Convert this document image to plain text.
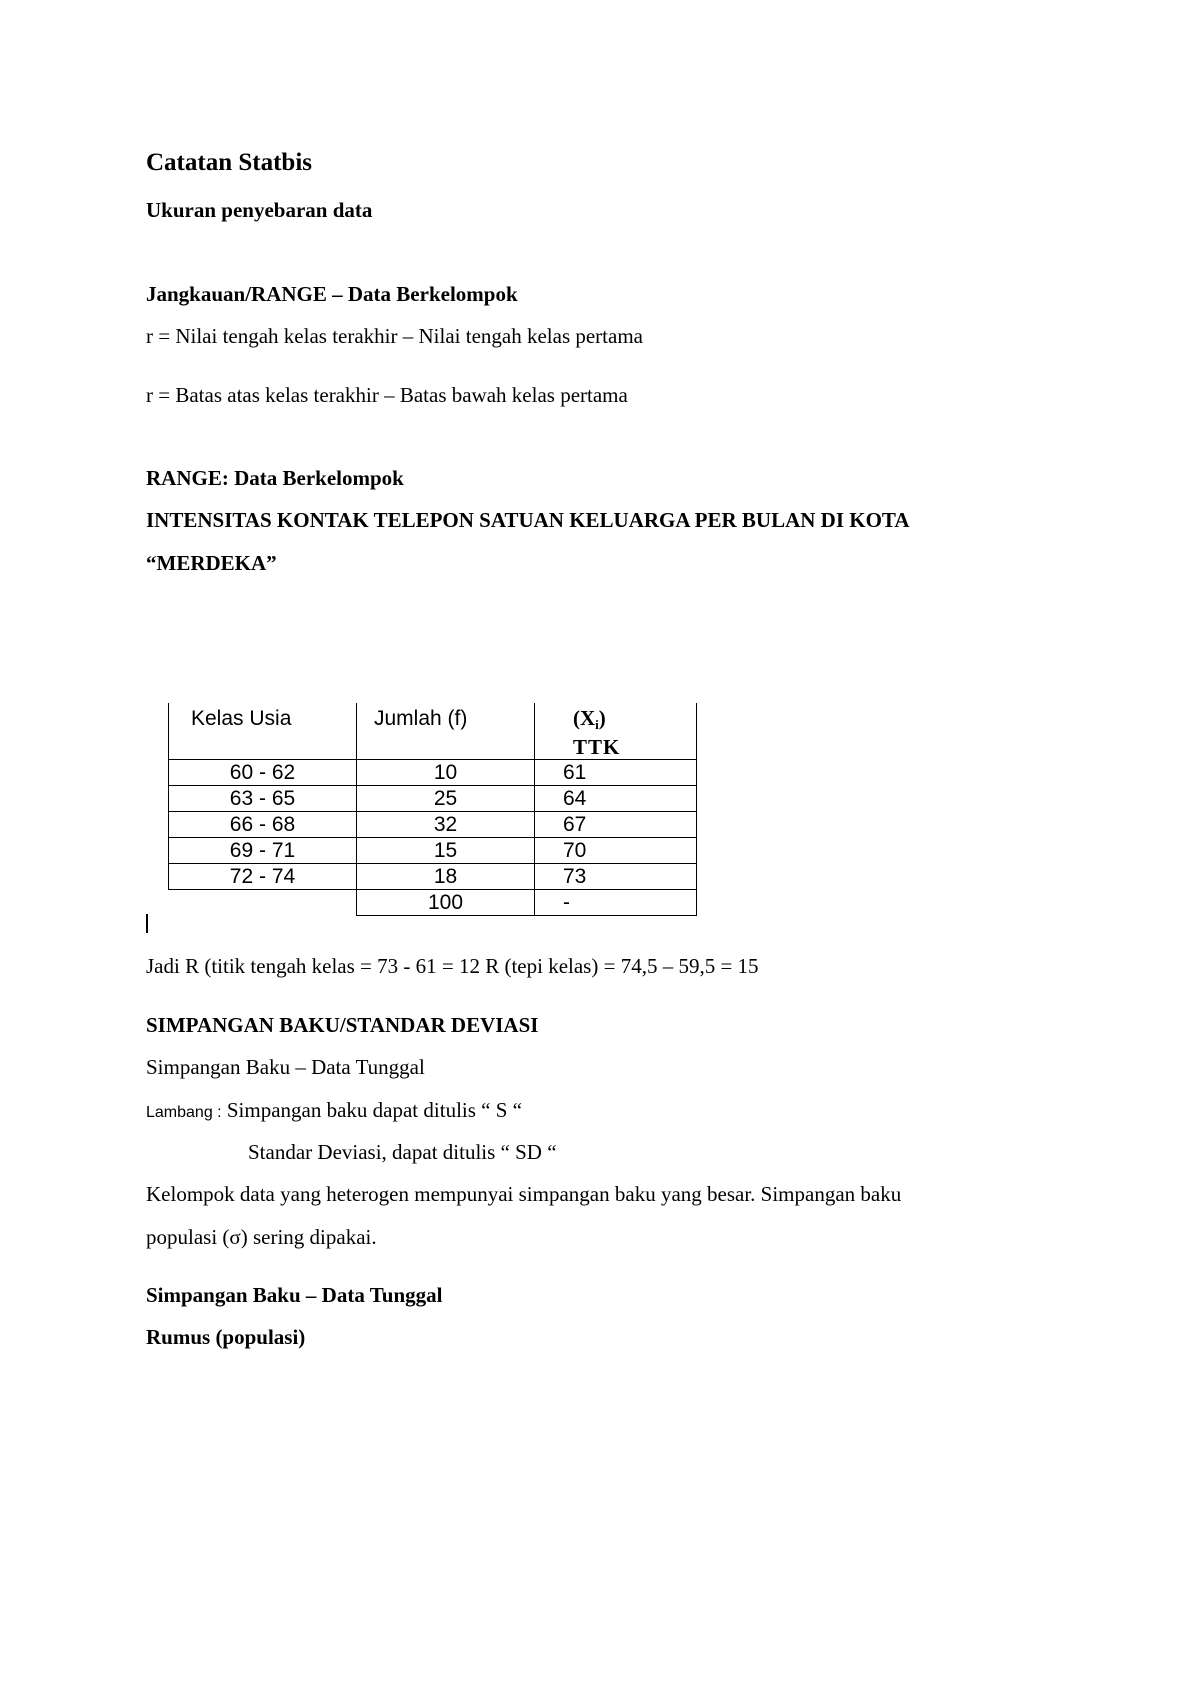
Catatan Statbis

Ukuran penyebaran data

Jangkauan/RANGE – Data Berkelompok

r = Nilai tengah kelas terakhir – Nilai tengah kelas pertama

r = Batas atas kelas terakhir – Batas bawah kelas pertama

RANGE: Data Berkelompok

INTENSITAS KONTAK TELEPON SATUAN KELUARGA PER BULAN DI KOTA

“MERDEKA”

Kelas Usia	Jumlah (f)	$(X_i)$
TTK

60 - 62	10	61
63 - 65	25	64
66 - 68	32	67
69 - 71	15	70
72 - 74	18	73
	100	-

Jadi R (titik tengah kelas = 73 - 61 = 12 R (tepi kelas) = 74,5 – 59,5 = 15

SIMPANGAN BAKU/STANDAR DEVIASI

Simpangan Baku – Data Tunggal

Lambang : Simpangan baku dapat ditulis “ S “

Standar Deviasi, dapat ditulis “ SD “

Kelompok data yang heterogen mempunyai simpangan baku yang besar. Simpangan baku

populasi (σ) sering dipakai.

Simpangan Baku – Data Tunggal

Rumus (populasi)
